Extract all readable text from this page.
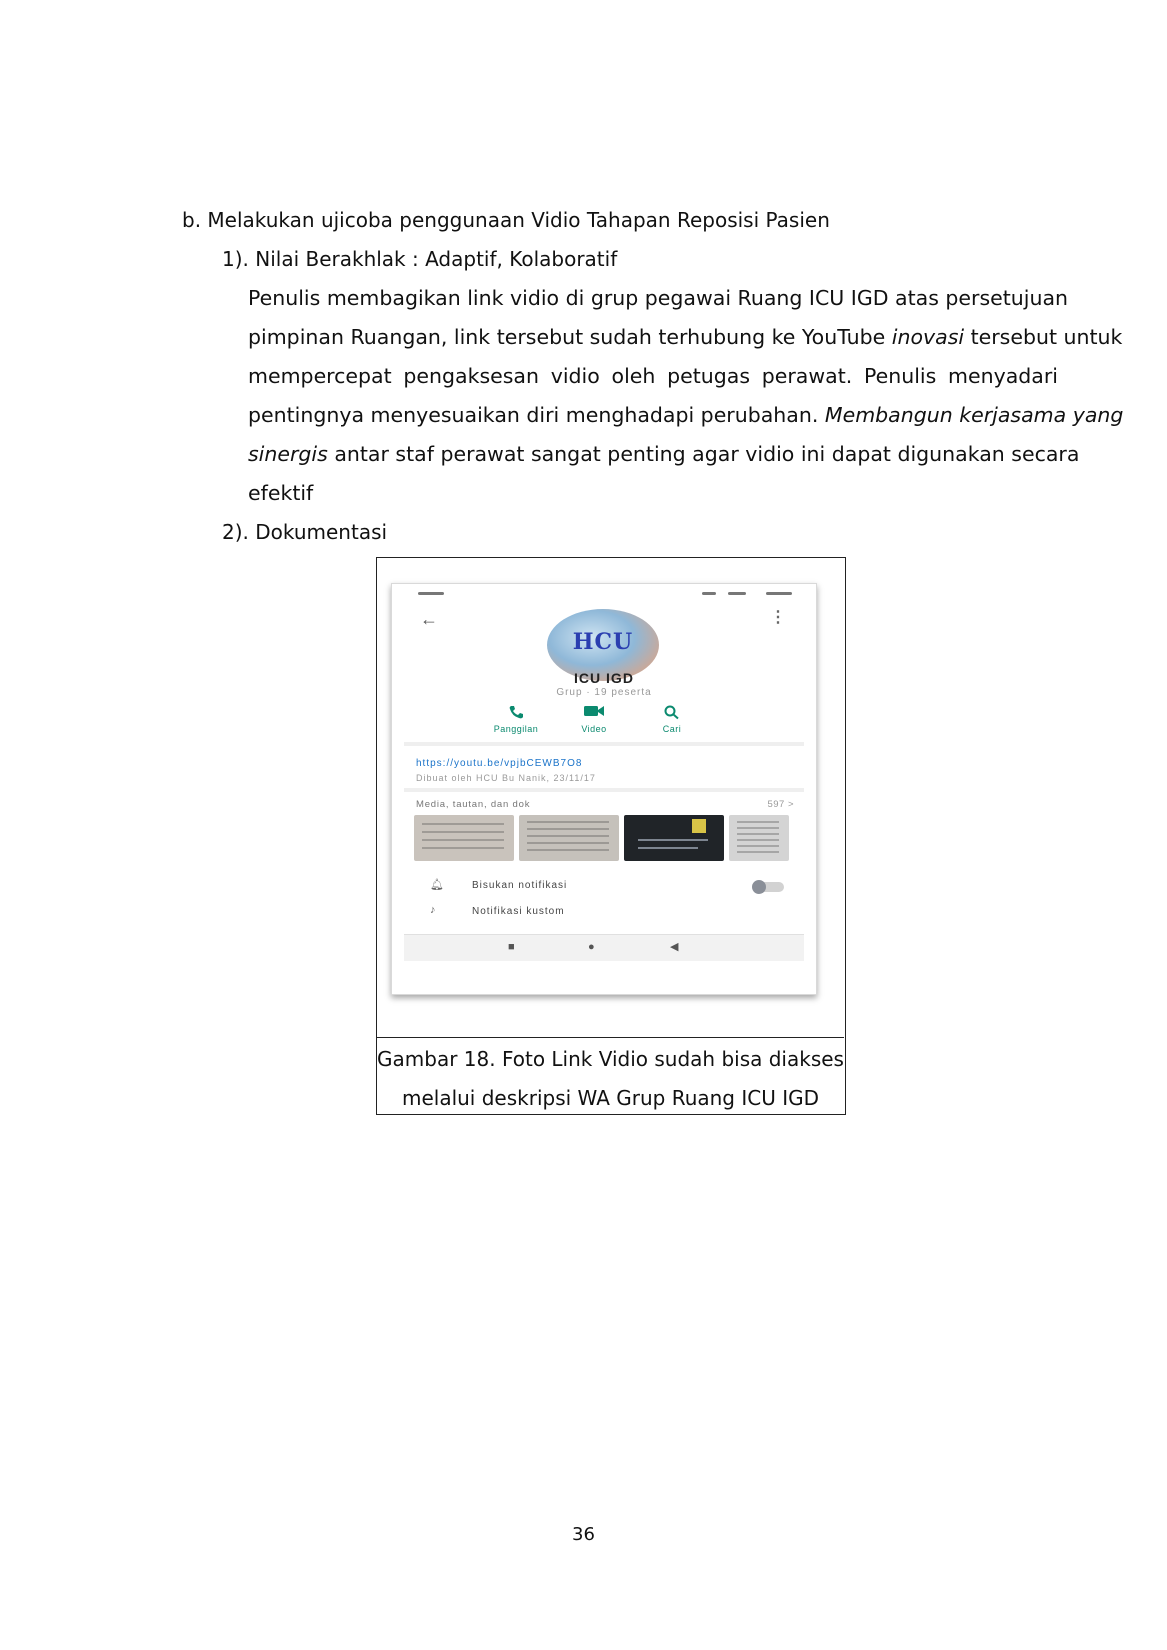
b. Melakukan ujicoba penggunaan Vidio Tahapan Reposisi Pasien
1). Nilai Berakhlak : Adaptif, Kolaboratif
Penulis membagikan link vidio di grup pegawai Ruang ICU IGD atas persetujuan
pimpinan Ruangan, link tersebut sudah terhubung ke YouTube inovasi tersebut untuk
mempercepat pengaksesan vidio oleh petugas perawat. Penulis menyadari
pentingnya menyesuaikan diri menghadapi perubahan. Membangun kerjasama yang
sinergis antar staf perawat sangat penting agar vidio ini dapat digunakan secara
efektif
2). Dokumentasi
←	⋮
HCU
ICU IGD
Grup · 19 peserta
Panggilan	Video	Cari
https://youtu.be/vpjbCEWB7O8
Dibuat oleh HCU Bu Nanik, 23/11/17
Media, tautan, dan dok	597 >
🔔︎	Bisukan notifikasi
♪	Notifikasi kustom
■	●	◀
Gambar 18. Foto Link Vidio sudah bisa diakses
melalui deskripsi WA Grup Ruang ICU IGD
36
